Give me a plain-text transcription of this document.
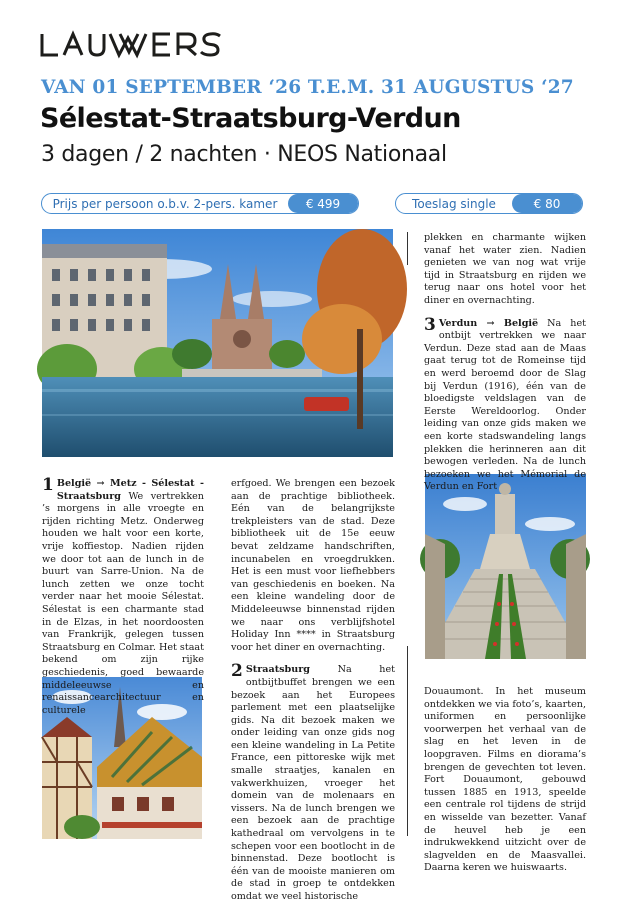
VAN 01 SEPTEMBER ‘26 T.E.M. 31 AUGUSTUS ‘27
Sélestat-Straatsburg-Verdun
3 dagen / 2 nachten · NEOS Nationaal
Prijs per persoon o.b.v. 2-pers. kamer	€ 499	Toeslag single	€ 80
1 België → Metz - Sélestat - Straatsburg We vertrekken ’s morgens in alle vroegte en rijden richting Metz. Onderweg houden we halt voor een korte, vrije koffiestop. Nadien rijden we door tot aan de lunch in de buurt van Sarre-Union. Na de lunch zetten we onze tocht verder naar het mooie Sélestat. Sélestat is een charmante stad in de Elzas, in het noordoosten van Frankrijk, gelegen tussen Straatsburg en Colmar. Het staat bekend om zijn rijke geschiedenis, goed bewaarde middeleeuwse en renaissancearchitectuur en culturele

erfgoed. We brengen een bezoek aan de prachtige bibliotheek. Eén van de belangrijkste trekpleisters van de stad. Deze bibliotheek uit de 15e eeuw bevat zeldzame handschriften, incunabelen en vroegdrukken. Het is een must voor liefhebbers van geschiedenis en boeken. Na een kleine wandeling door de Middeleeuwse binnenstad rijden we naar ons verblijfshotel Holiday Inn **** in Straatsburg voor het diner en overnachting.

2 Straatsburg	Na het ontbijtbuffet brengen we een bezoek aan het Europees parlement met een plaatselijke gids. Na dit bezoek maken we onder leiding van onze gids nog een kleine wandeling in La Petite France, een pittoreske wijk met smalle straatjes, kanalen en vakwerkhuizen, vroeger het domein van de molenaars en vissers. Na de lunch brengen we een bezoek aan de prachtige kathedraal om vervolgens in te schepen voor een bootlocht in de binnenstad. Deze bootlocht is één van de mooiste manieren om de stad in groep te ontdekken omdat we veel historische

plekken en charmante wijken vanaf het water zien. Nadien genieten we van nog wat vrije tijd in Straatsburg en rijden we terug naar ons hotel voor het diner en overnachting.

3 Verdun → België Na het ontbijt vertrekken we naar Verdun. Deze stad aan de Maas gaat terug tot de Romeinse tijd en werd beroemd door de Slag bij Verdun (1916), één van de bloedigste veldslagen van de Eerste Wereldoorlog. Onder leiding van onze gids maken we een korte stadswandeling langs plekken die herinneren aan dit bewogen verleden. Na de lunch bezoeken we het Mémorial de Verdun en Fort

Douaumont. In het museum ontdekken we via foto’s, kaarten, uniformen en persoonlijke voorwerpen het verhaal van de slag en het leven in de loopgraven. Films en diorama’s brengen de gevechten tot leven. Fort Douaumont, gebouwd tussen 1885 en 1913, speelde een centrale rol tijdens de strijd en wisselde van bezetter. Vanaf de heuvel heb je een indrukwekkend uitzicht over de slagvelden en de Maasvallei. Daarna keren we huiswaarts.
